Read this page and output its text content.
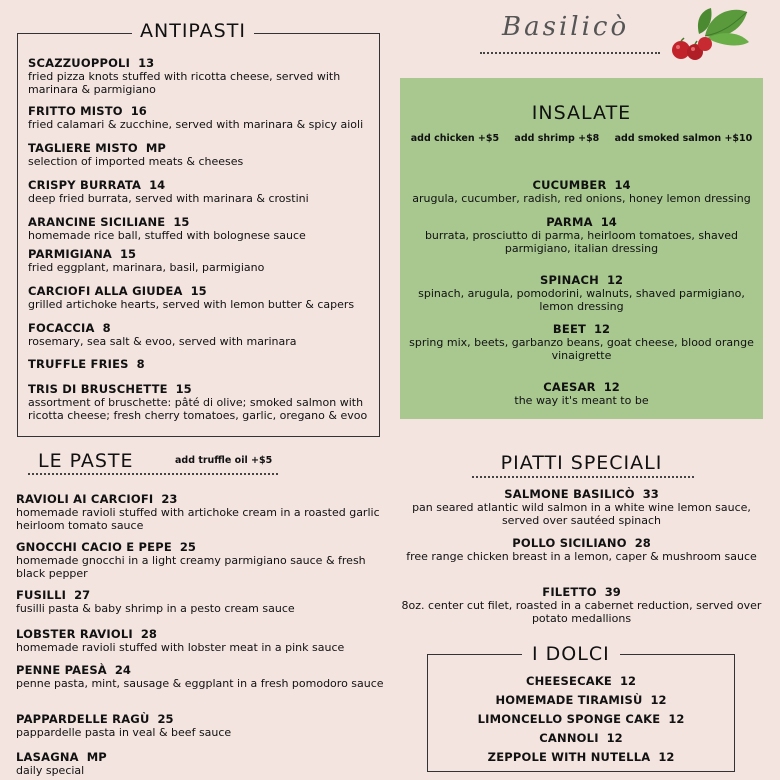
Basilicò
ANTIPASTI
SCAZZUOPPOLI 13
fried pizza knots stuffed with ricotta cheese, served with marinara & parmigiano
FRITTO MISTO 16
fried calamari & zucchine, served with marinara & spicy aioli
TAGLIERE MISTO MP
selection of imported meats & cheeses
CRISPY BURRATA 14
deep fried burrata, served with marinara & crostini
ARANCINE SICILIANE 15
homemade rice ball, stuffed with bolognese sauce
PARMIGIANA 15
fried eggplant, marinara, basil, parmigiano
CARCIOFI ALLA GIUDEA 15
grilled artichoke hearts, served with lemon butter & capers
FOCACCIA 8
rosemary, sea salt & evoo, served with marinara
TRUFFLE FRIES 8
TRIS DI BRUSCHETTE 15
assortment of bruschette: pâté di olive; smoked salmon with ricotta cheese; fresh cherry tomatoes, garlic, oregano & evoo
INSALATE
add chicken +$5 add shrimp +$8 add smoked salmon +$10
CUCUMBER 14
arugula, cucumber, radish, red onions, honey lemon dressing
PARMA 14
burrata, prosciutto di parma, heirloom tomatoes, shaved parmigiano, italian dressing
SPINACH 12
spinach, arugula, pomodorini, walnuts, shaved parmigiano, lemon dressing
BEET 12
spring mix, beets, garbanzo beans, goat cheese, blood orange vinaigrette
CAESAR 12
the way it's meant to be
LE PASTE	add truffle oil +$5
RAVIOLI AI CARCIOFI 23
homemade ravioli stuffed with artichoke cream in a roasted garlic heirloom tomato sauce
GNOCCHI CACIO E PEPE 25
homemade gnocchi in a light creamy parmigiano sauce & fresh black pepper
FUSILLI 27
fusilli pasta & baby shrimp in a pesto cream sauce
LOBSTER RAVIOLI 28
homemade ravioli stuffed with lobster meat in a pink sauce
PENNE PAESÀ 24
penne pasta, mint, sausage & eggplant in a fresh pomodoro sauce
PAPPARDELLE RAGÙ 25
pappardelle pasta in veal & beef sauce
LASAGNA MP
daily special
PIATTI SPECIALI
SALMONE BASILICÒ 33
pan seared atlantic wild salmon in a white wine lemon sauce, served over sautéed spinach
POLLO SICILIANO 28
free range chicken breast in a lemon, caper & mushroom sauce
FILETTO 39
8oz. center cut filet, roasted in a cabernet reduction, served over potato medallions
I DOLCI
CHEESECAKE 12
HOMEMADE TIRAMISÙ 12
LIMONCELLO SPONGE CAKE 12
CANNOLI 12
ZEPPOLE WITH NUTELLA 12
